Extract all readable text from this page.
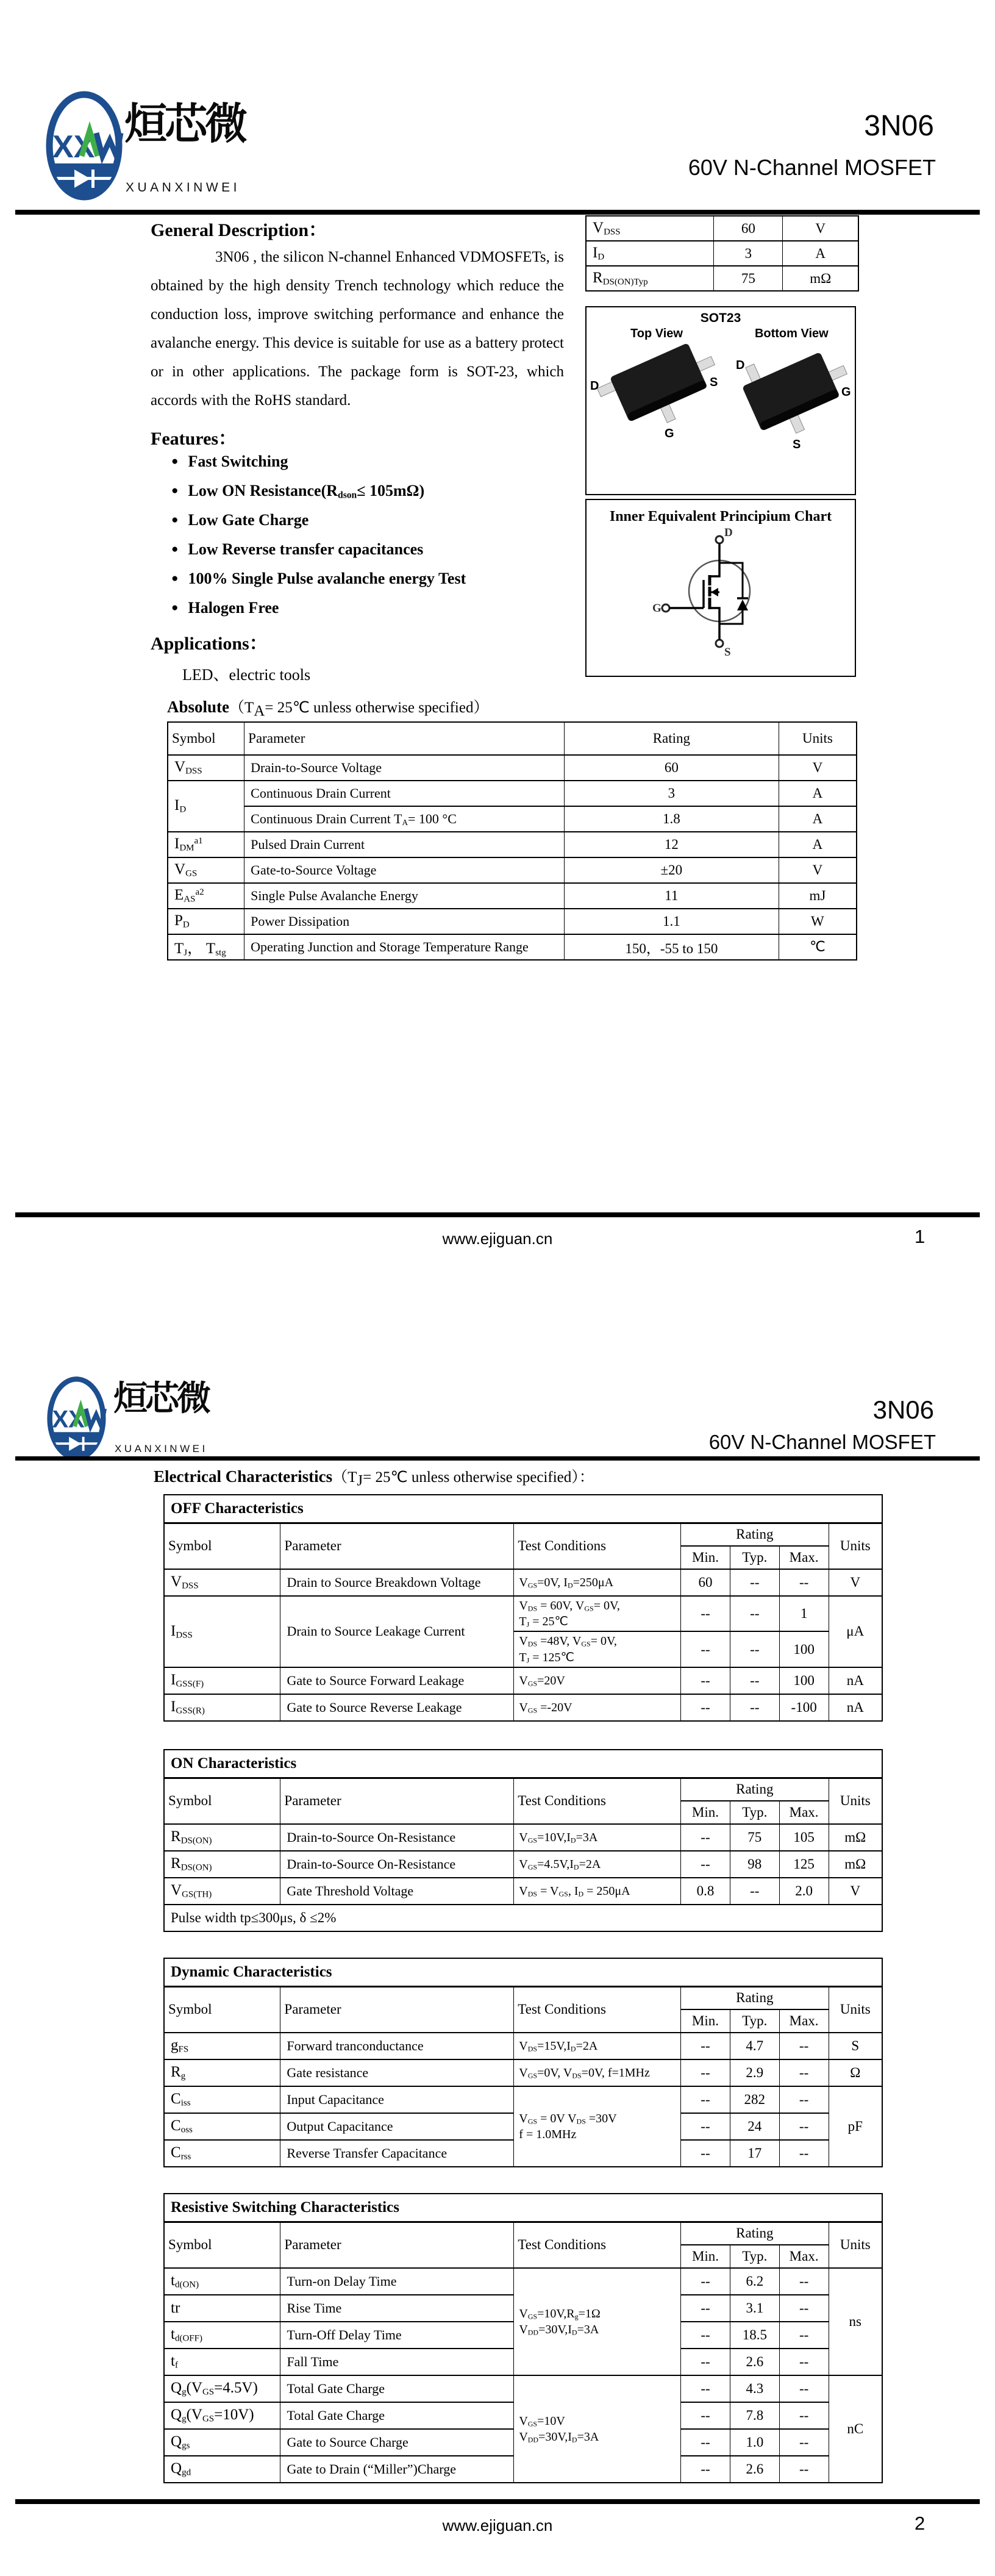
XX 烜芯微
XUANXINWEI
3N06
60V N-Channel MOSFET
General Description：
3N06 , the silicon N-channel Enhanced VDMOSFETs, is obtained by the high density Trench technology which reduce the conduction loss, improve switching performance and enhance the avalanche energy. This device is suitable for use as a battery protect or in other applications. The package form is SOT-23, which accords with the RoHS standard.
Features：
● Fast Switching
● Low ON Resistance(Rdson≤ 105mΩ)
● Low Gate Charge
● Low Reverse transfer capacitances
● 100% Single Pulse avalanche energy Test
● Halogen Free
Applications：
LED、electric tools
VDSS	60	V
ID	3	A
RDS(ON)Typ	75	mΩ
SOT23
Top View	Bottom View
D	S
G
D
G
S
Inner Equivalent Principium Chart
D
G
S
Absolute（TA= 25℃ unless otherwise specified）
Symbol	Parameter	Rating	Units
VDSS	Drain-to-Source Voltage	60	V
ID	Continuous Drain Current	3	A
	Continuous Drain Current TA= 100 °C	1.8	A
$IDM^{a1}$	Pulsed Drain Current	12	A
VGS	Gate-to-Source Voltage	±20	V
$EAS^{a2}$	Single Pulse Avalanche Energy	11	mJ
PD	Power Dissipation	1.1	W
TJ， Tstg	Operating Junction and Storage Temperature Range	150，-55 to 150	℃
www.ejiguan.cn	1
XX
烜芯微
XUANXINWEI
3N06
60V N-Channel MOSFET
Electrical Characteristics（TJ= 25℃ unless otherwise specified）：
OFF Characteristics						
Symbol	Parameter	Test Conditions	Rating			Units
			Min.	Typ.	Max.	
VDSS	Drain to Source Breakdown Voltage	VGS=0V, ID=250μA	60	--	--	V
IDSS	Drain to Source Leakage Current	VDS = 60V, VGS= 0V,
TJ = 25℃	--	--	1	μA
		VDS =48V, VGS= 0V,
TJ = 125℃	--	--	100	
IGSS(F)	Gate to Source Forward Leakage	VGS=20V	--	--	100	nA
IGSS(R)	Gate to Source Reverse Leakage	VGS =-20V	--	--	-100	nA
ON Characteristics						
Symbol	Parameter	Test Conditions	Rating			Units
			Min.	Typ.	Max.	
RDS(ON)	Drain-to-Source On-Resistance	VGS=10V,ID=3A	--	75	105	mΩ
RDS(ON)	Drain-to-Source On-Resistance	VGS=4.5V,ID=2A	--	98	125	mΩ
VGS(TH)	Gate Threshold Voltage	VDS = VGS, ID = 250μA	0.8	--	2.0	V
Pulse width tp≤300μs, δ ≤2%						
Dynamic Characteristics						
Symbol	Parameter	Test Conditions	Rating			Units
			Min.	Typ.	Max.	
gFS	Forward tranconductance	VDS=15V,ID=2A	--	4.7	--	S
Rg	Gate resistance	VGS=0V, VDS=0V, f=1MHz	--	2.9	--	Ω
Ciss	Input Capacitance	VGS = 0V VDS =30V
f = 1.0MHz	--	282	--	pF
Coss	Output Capacitance		--	24	--	
Crss	Reverse Transfer Capacitance		--	17	--	
Resistive Switching Characteristics						
Symbol	Parameter	Test Conditions	Rating			Units
			Min.	Typ.	Max.	
td(ON)	Turn-on Delay Time	VGS=10V,Rg=1Ω
VDD=30V,ID=3A	--	6.2	--	ns
tr	Rise Time		--	3.1	--	
td(OFF)	Turn-Off Delay Time		--	18.5	--	
tf	Fall Time		--	2.6	--	
Qg(VGS=4.5V)	Total Gate Charge	VGS=10V
VDD=30V,ID=3A	--	4.3	--	nC
Qg(VGS=10V)	Total Gate Charge		--	7.8	--	
Qgs	Gate to Source Charge		--	1.0	--	
Qgd	Gate to Drain (“Miller”)Charge		--	2.6	--	
www.ejiguan.cn	2
